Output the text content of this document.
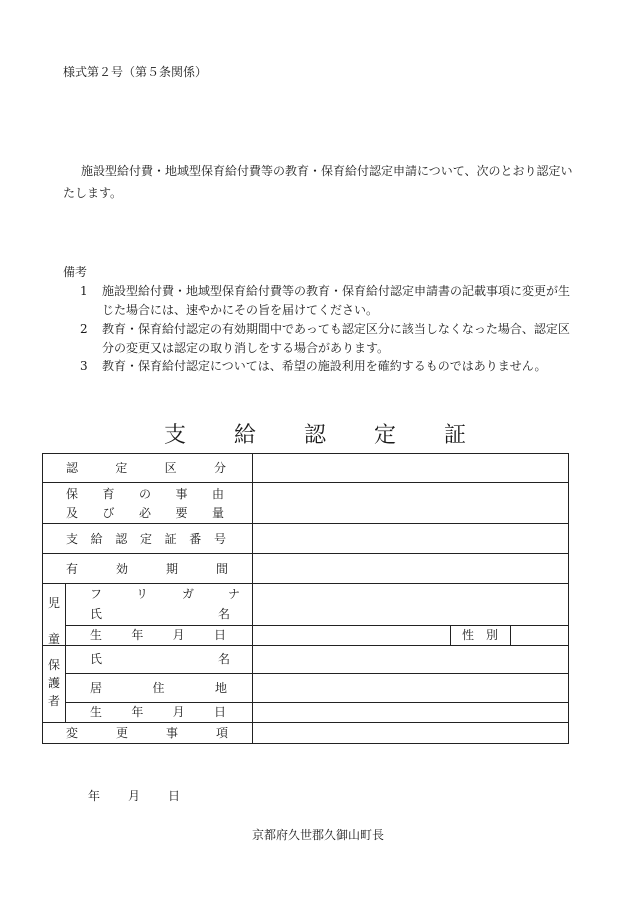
様式第２号（第５条関係）
施設型給付費・地域型保育給付費等の教育・保育給付認定申請について、次のとおり認定いたします。
備考
1 施設型給付費・地域型保育給付費等の教育・保育給付認定申請書の記載事項に変更が生じた場合には、速やかにその旨を届けてください。
2 教育・保育給付認定の有効期間中であっても認定区分に該当しなくなった場合、認定区分の変更又は認定の取り消しをする場合があります。
3 教育・保育給付認定については、希望の施設利用を確約するものではありません。
支 給 認 定 証
認	定	区	分
保 育 の 事 由
及 び 必 要 量
支 給 認 定 証 番 号
有	効	期	間
児

童
フ	リ	ガ	ナ
氏	名
生 年 月 日	性 別
保
護
者
氏	名
居	住	地
生 年 月 日
変	更	事	項
年 月 日
京都府久世郡久御山町長
